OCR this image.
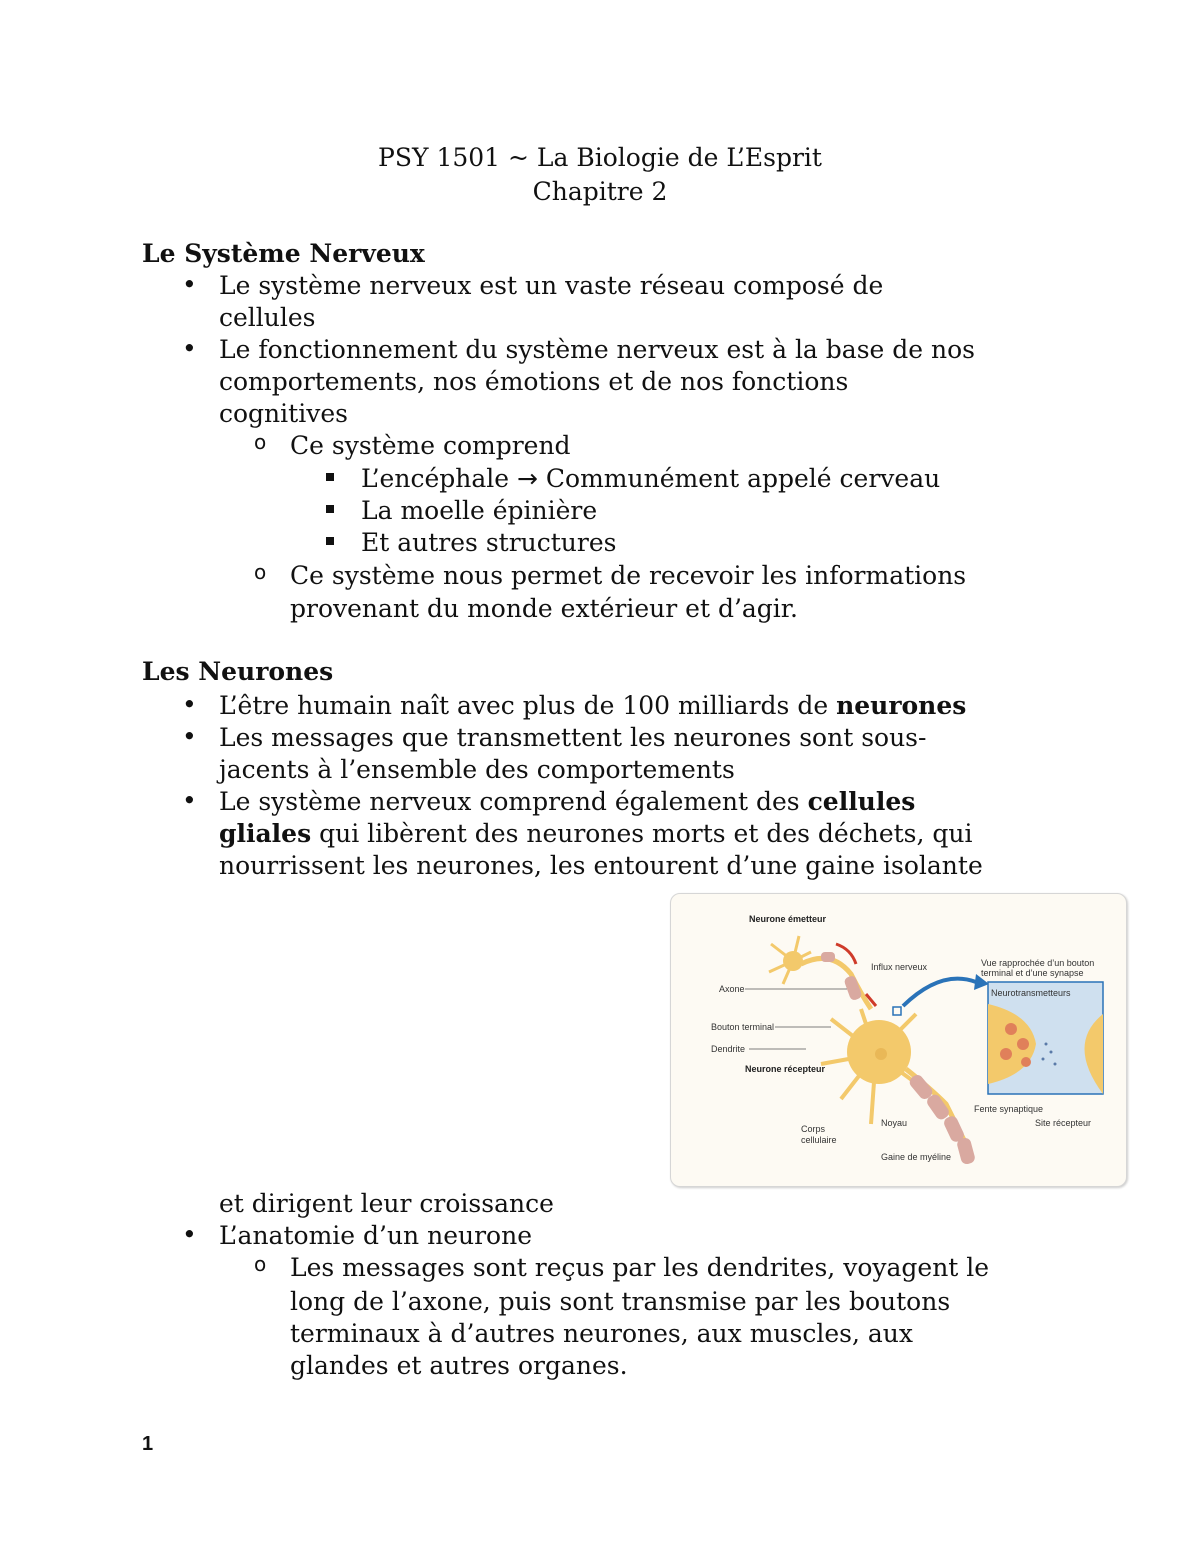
PSY 1501 ~ La Biologie de L’Esprit
Chapitre 2
Le Système Nerveux
• Le système nerveux est un vaste réseau composé de
cellules
• Le fonctionnement du système nerveux est à la base de nos
comportements, nos émotions et de nos fonctions
cognitives
o Ce système comprend
L’encéphale → Communément appelé cerveau
La moelle épinière
Et autres structures
o Ce système nous permet de recevoir les informations
provenant du monde extérieur et d’agir.
Les Neurones
• L’être humain naît avec plus de 100 milliards de neurones
• Les messages que transmettent les neurones sont sous-
jacents à l’ensemble des comportements
• Le système nerveux comprend également des cellules
gliales qui libèrent des neurones morts et des déchets, qui
nourrissent les neurones, les entourent d’une gaine isolante
Neurone émetteur
Influx nerveux
Axone
Bouton terminal
Dendrite
Neurone récepteur
Corps
cellulaire
Noyau
Gaine de myéline
Vue rapprochée d’un bouton
terminal et d’une synapse
Neurotransmetteurs
Fente synaptique
Site récepteur
et dirigent leur croissance
• L’anatomie d’un neurone
o Les messages sont reçus par les dendrites, voyagent le
long de l’axone, puis sont transmise par les boutons
terminaux à d’autres neurones, aux muscles, aux
glandes et autres organes.
1
